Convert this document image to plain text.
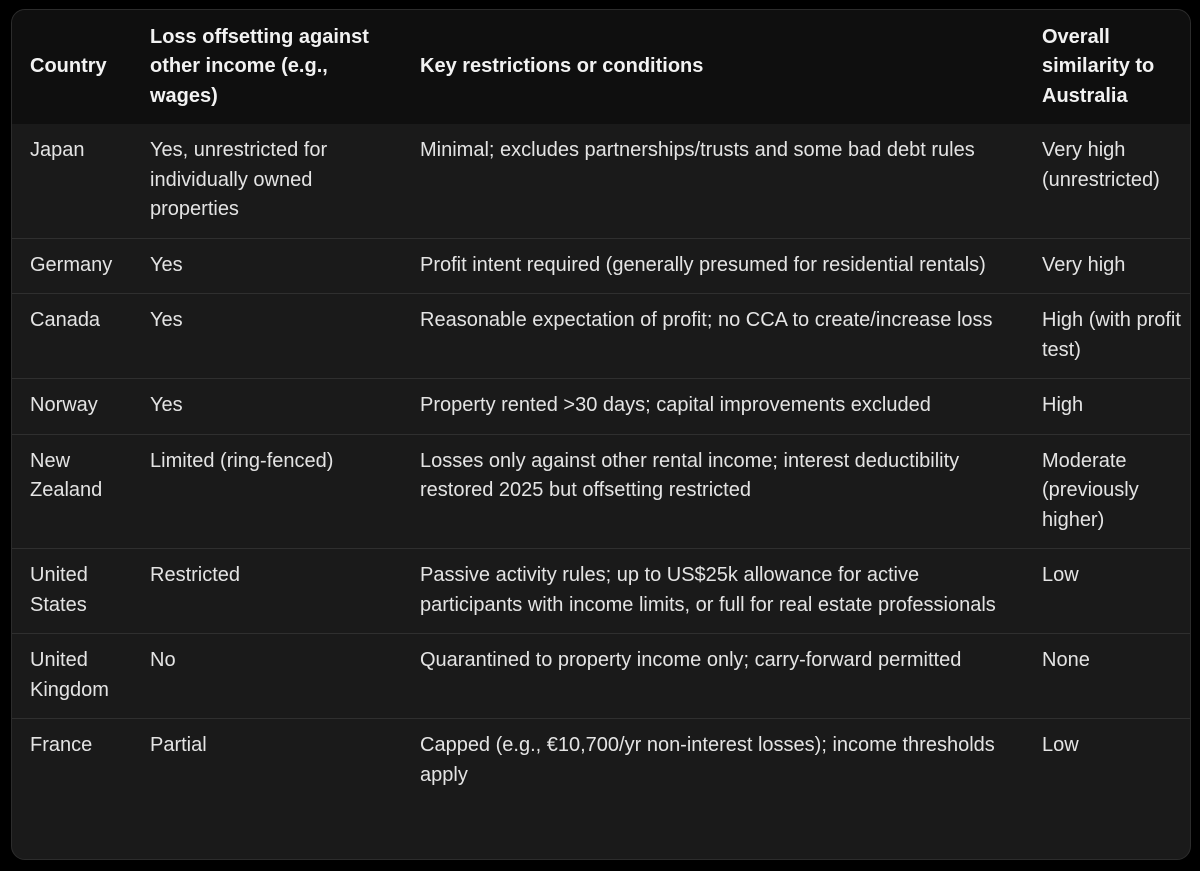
Country	Loss offsetting against other income (e.g., wages)	Key restrictions or conditions	Overall similarity to Australia
Japan	Yes, unrestricted for individually owned properties	Minimal; excludes partnerships/trusts and some bad debt rules	Very high (unrestricted)
Germany	Yes	Profit intent required (generally presumed for residential rentals)	Very high
Canada	Yes	Reasonable expectation of profit; no CCA to create/increase loss	High (with profit test)
Norway	Yes	Property rented >30 days; capital improvements excluded	High
New Zealand	Limited (ring-fenced)	Losses only against other rental income; interest deductibility restored 2025 but offsetting restricted	Moderate (previously higher)
United States	Restricted	Passive activity rules; up to US$25k allowance for active participants with income limits, or full for real estate professionals	Low
United Kingdom	No	Quarantined to property income only; carry-forward permitted	None
France	Partial	Capped (e.g., €10,700/yr non-interest losses); income thresholds apply	Low
